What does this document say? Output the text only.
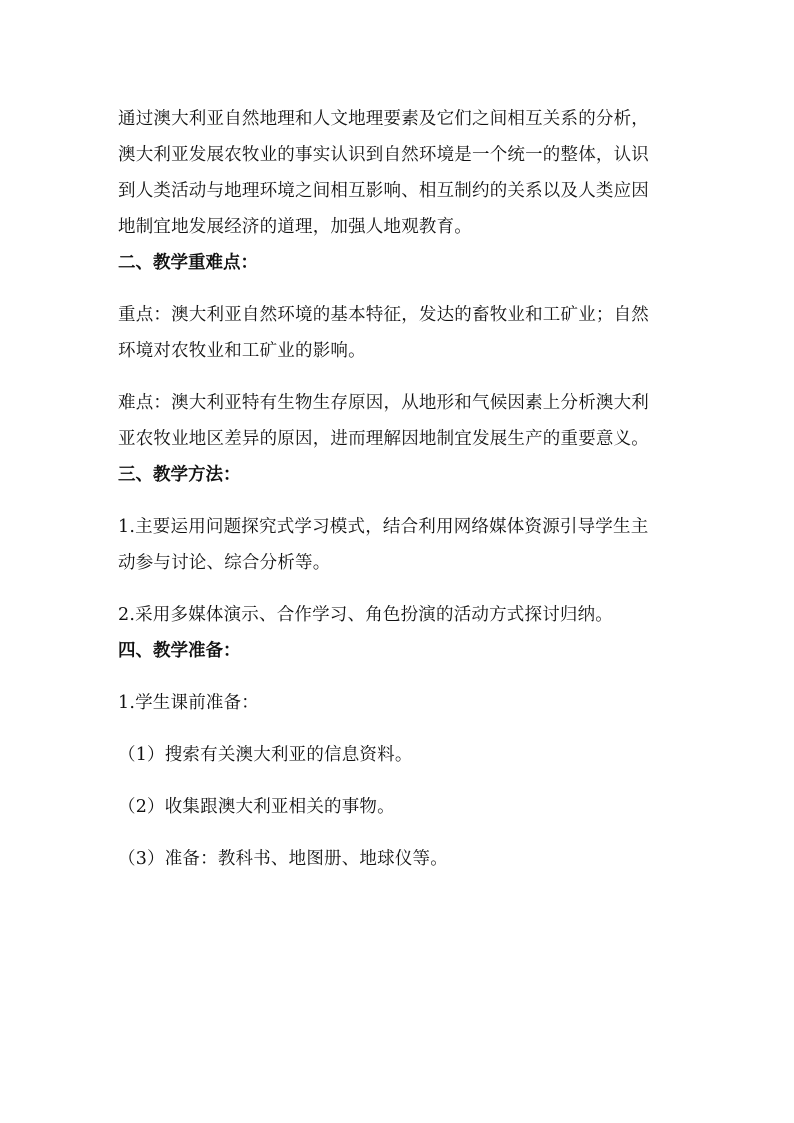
通过澳大利亚自然地理和人文地理要素及它们之间相互关系的分析，

澳大利亚发展农牧业的事实认识到自然环境是一个统一的整体，认识

到人类活动与地理环境之间相互影响、相互制约的关系以及人类应因

地制宜地发展经济的道理，加强人地观教育。

二、教学重难点：

重点：澳大利亚自然环境的基本特征，发达的畜牧业和工矿业；自然

环境对农牧业和工矿业的影响。

难点：澳大利亚特有生物生存原因，从地形和气候因素上分析澳大利

亚农牧业地区差异的原因，进而理解因地制宜发展生产的重要意义。

三、教学方法：

1.主要运用问题探究式学习模式，结合利用网络媒体资源引导学生主

动参与讨论、综合分析等。

2.采用多媒体演示、合作学习、角色扮演的活动方式探讨归纳。

四、教学准备：

1.学生课前准备：

（1）搜索有关澳大利亚的信息资料。

（2）收集跟澳大利亚相关的事物。

（3）准备：教科书、地图册、地球仪等。
